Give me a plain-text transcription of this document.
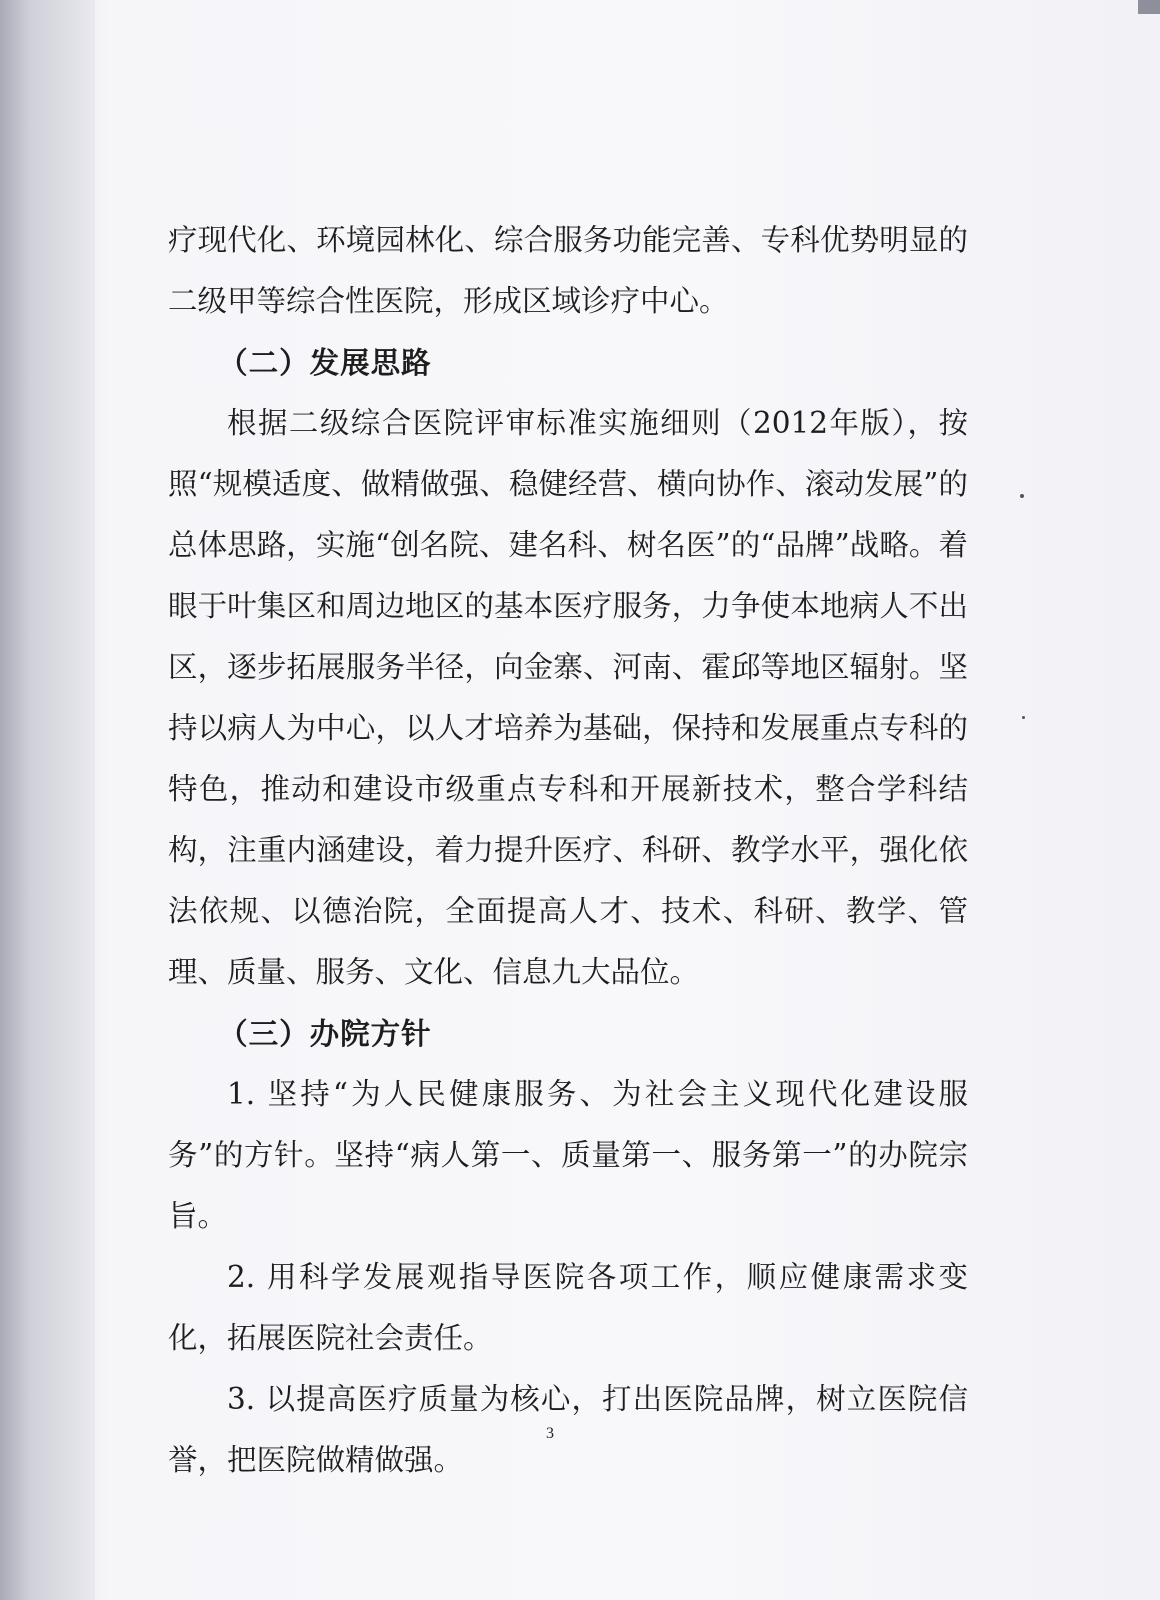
疗现代化、环境园林化、综合服务功能完善、专科优势明显的二级甲等综合性医院，形成区域诊疗中心。

（二）发展思路

根据二级综合医院评审标准实施细则（2012年版），按照“规模适度、做精做强、稳健经营、横向协作、滚动发展”的总体思路，实施“创名院、建名科、树名医”的“品牌”战略。着眼于叶集区和周边地区的基本医疗服务，力争使本地病人不出区，逐步拓展服务半径，向金寨、河南、霍邱等地区辐射。坚持以病人为中心，以人才培养为基础，保持和发展重点专科的特色，推动和建设市级重点专科和开展新技术，整合学科结构，注重内涵建设，着力提升医疗、科研、教学水平，强化依法依规、以德治院，全面提高人才、技术、科研、教学、管理、质量、服务、文化、信息九大品位。

（三）办院方针

1. 坚持“为人民健康服务、为社会主义现代化建设服务”的方针。坚持“病人第一、质量第一、服务第一”的办院宗旨。

2. 用科学发展观指导医院各项工作，顺应健康需求变化，拓展医院社会责任。

3. 以提高医疗质量为核心，打出医院品牌，树立医院信誉，把医院做精做强。

3
